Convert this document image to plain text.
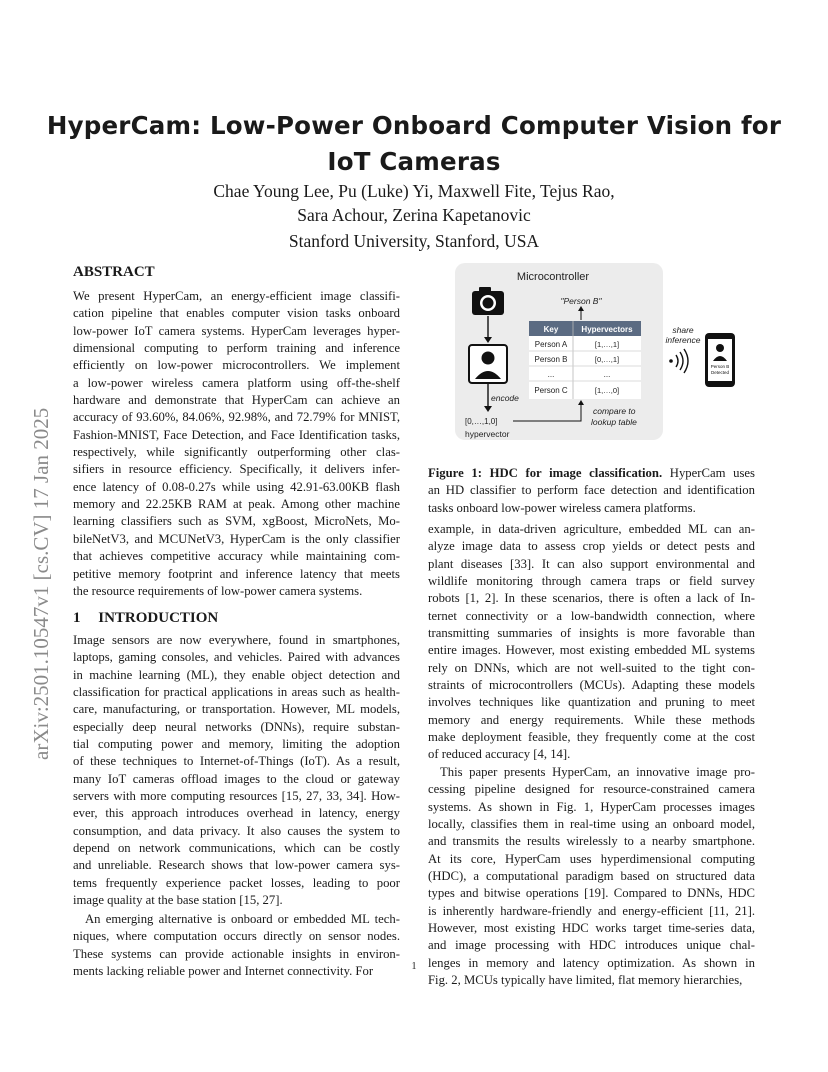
HyperCam: Low-Power Onboard Computer Vision for
IoT Cameras
Chae Young Lee, Pu (Luke) Yi, Maxwell Fite, Tejus Rao,
Sara Achour, Zerina Kapetanovic
Stanford University, Stanford, USA
arXiv:2501.10547v1 [cs.CV] 17 Jan 2025
ABSTRACT
We present HyperCam, an energy-efficient image classifi-
cation pipeline that enables computer vision tasks onboard
low-power IoT camera systems. HyperCam leverages hyper-
dimensional computing to perform training and inference
efficiently on low-power microcontrollers. We implement
a low-power wireless camera platform using off-the-shelf
hardware and demonstrate that HyperCam can achieve an
accuracy of 93.60%, 84.06%, 92.98%, and 72.79% for MNIST,
Fashion-MNIST, Face Detection, and Face Identification tasks,
respectively, while significantly outperforming other clas-
sifiers in resource efficiency. Specifically, it delivers infer-
ence latency of 0.08-0.27s while using 42.91-63.00KB flash
memory and 22.25KB RAM at peak. Among other machine
learning classifiers such as SVM, xgBoost, MicroNets, Mo-
bileNetV3, and MCUNetV3, HyperCam is the only classifier
that achieves competitive accuracy while maintaining com-
petitive memory footprint and inference latency that meets
the resource requirements of low-power camera systems.
1 INTRODUCTION
Image sensors are now everywhere, found in smartphones,
laptops, gaming consoles, and vehicles. Paired with advances
in machine learning (ML), they enable object detection and
classification for practical applications in areas such as health-
care, manufacturing, or transportation. However, ML models,
especially deep neural networks (DNNs), require substan-
tial computing power and memory, limiting the adoption
of these techniques to Internet-of-Things (IoT). As a result,
many IoT cameras offload images to the cloud or gateway
servers with more computing resources [15, 27, 33, 34]. How-
ever, this approach introduces overhead in latency, energy
consumption, and data privacy. It also causes the system to
depend on network communications, which can be costly
and unreliable. Research shows that low-power camera sys-
tems frequently experience packet losses, leading to poor
image quality at the base station [15, 27].
An emerging alternative is onboard or embedded ML tech-
niques, where computation occurs directly on sensor nodes.
These systems can provide actionable insights in environ-
ments lacking reliable power and Internet connectivity. For
Microcontroller
encode
[0,…,1,0]
hypervector
"Person B"
Key	Hypervectors
Person A	[1,…,1]
Person B	[0,…,1]
...	...
Person C	[1,…,0]
compare to
lookup table
share
inference
Person B
Detected
Figure 1: HDC for image classification. HyperCam uses
an HD classifier to perform face detection and identification
tasks onboard low-power wireless camera platforms.
example, in data-driven agriculture, embedded ML can an-
alyze image data to assess crop yields or detect pests and
plant diseases [33]. It can also support environmental and
wildlife monitoring through camera traps or field survey
robots [1, 2]. In these scenarios, there is often a lack of In-
ternet connectivity or a low-bandwidth connection, where
transmitting summaries of insights is more favorable than
entire images. However, most existing embedded ML systems
rely on DNNs, which are not well-suited to the tight con-
straints of microcontrollers (MCUs). Adapting these models
involves techniques like quantization and pruning to meet
memory and energy requirements. While these methods
make deployment feasible, they frequently come at the cost
of reduced accuracy [4, 14].
This paper presents HyperCam, an innovative image pro-
cessing pipeline designed for resource-constrained camera
systems. As shown in Fig. 1, HyperCam processes images
locally, classifies them in real-time using an onboard model,
and transmits the results wirelessly to a nearby smartphone.
At its core, HyperCam uses hyperdimensional computing
(HDC), a computational paradigm based on structured data
types and bitwise operations [19]. Compared to DNNs, HDC
is inherently hardware-friendly and energy-efficient [11, 21].
However, most existing HDC works target time-series data,
and image processing with HDC introduces unique chal-
lenges in memory and latency optimization. As shown in
Fig. 2, MCUs typically have limited, flat memory hierarchies,
1
